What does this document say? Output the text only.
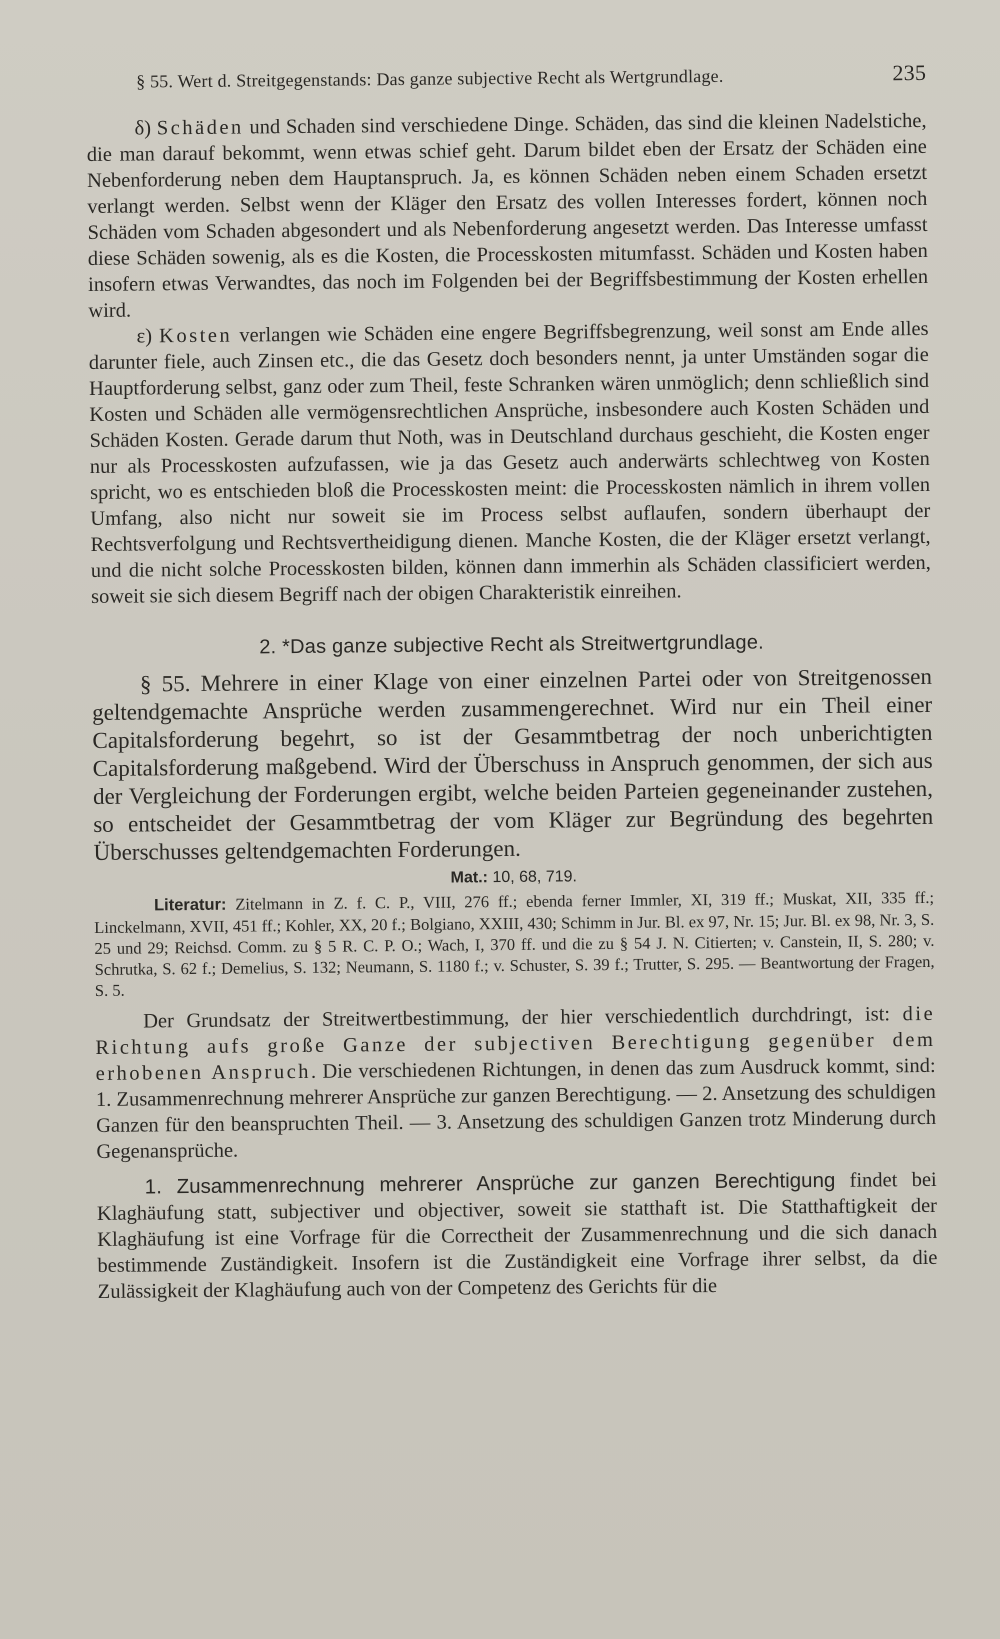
§ 55. Wert d. Streitgegenstands: Das ganze subjective Recht als Wertgrundlage.	235

δ) Schäden und Schaden sind verschiedene Dinge. Schäden, das sind die kleinen Nadelstiche, die man darauf bekommt, wenn etwas schief geht. Darum bildet eben der Ersatz der Schäden eine Nebenforderung neben dem Hauptanspruch. Ja, es können Schäden neben einem Schaden ersetzt verlangt werden. Selbst wenn der Kläger den Ersatz des vollen Interesses fordert, können noch Schäden vom Schaden abgesondert und als Nebenforderung angesetzt werden. Das Interesse umfasst diese Schäden sowenig, als es die Kosten, die Processkosten mitumfasst. Schäden und Kosten haben insofern etwas Verwandtes, das noch im Folgenden bei der Begriffsbestimmung der Kosten erhellen wird.

ε) Kosten verlangen wie Schäden eine engere Begriffsbegrenzung, weil sonst am Ende alles darunter fiele, auch Zinsen etc., die das Gesetz doch besonders nennt, ja unter Umständen sogar die Hauptforderung selbst, ganz oder zum Theil, feste Schranken wären unmöglich; denn schließlich sind Kosten und Schäden alle vermögensrechtlichen Ansprüche, insbesondere auch Kosten Schäden und Schäden Kosten. Gerade darum thut Noth, was in Deutschland durchaus geschieht, die Kosten enger nur als Processkosten aufzufassen, wie ja das Gesetz auch anderwärts schlechtweg von Kosten spricht, wo es entschieden bloß die Processkosten meint: die Processkosten nämlich in ihrem vollen Umfang, also nicht nur soweit sie im Process selbst auflaufen, sondern überhaupt der Rechtsverfolgung und Rechtsvertheidigung dienen. Manche Kosten, die der Kläger ersetzt verlangt, und die nicht solche Processkosten bilden, können dann immerhin als Schäden classificiert werden, soweit sie sich diesem Begriff nach der obigen Charakteristik einreihen.

2. *Das ganze subjective Recht als Streitwertgrundlage.

§ 55. Mehrere in einer Klage von einer einzelnen Partei oder von Streitgenossen geltendgemachte Ansprüche werden zusammengerechnet. Wird nur ein Theil einer Capitalsforderung begehrt, so ist der Gesammtbetrag der noch unberichtigten Capitalsforderung maßgebend. Wird der Überschuss in Anspruch genommen, der sich aus der Vergleichung der Forderungen ergibt, welche beiden Parteien gegeneinander zustehen, so entscheidet der Gesammtbetrag der vom Kläger zur Begründung des begehrten Überschusses geltendgemachten Forderungen.

Mat.: 10, 68, 719.

Literatur: Zitelmann in Z. f. C. P., VIII, 276 ff.; ebenda ferner Immler, XI, 319 ff.; Muskat, XII, 335 ff.; Linckelmann, XVII, 451 ff.; Kohler, XX, 20 f.; Bolgiano, XXIII, 430; Schimm in Jur. Bl. ex 97, Nr. 15; Jur. Bl. ex 98, Nr. 3, S. 25 und 29; Reichsd. Comm. zu § 5 R. C. P. O.; Wach, I, 370 ff. und die zu § 54 J. N. Citierten; v. Canstein, II, S. 280; v. Schrutka, S. 62 f.; Demelius, S. 132; Neumann, S. 1180 f.; v. Schuster, S. 39 f.; Trutter, S. 295. — Beantwortung der Fragen, S. 5.

Der Grundsatz der Streitwertbestimmung, der hier verschiedentlich durchdringt, ist: die Richtung aufs große Ganze der subjectiven Berechtigung gegenüber dem erhobenen Anspruch. Die verschiedenen Richtungen, in denen das zum Ausdruck kommt, sind: 1. Zusammenrechnung mehrerer Ansprüche zur ganzen Berechtigung. — 2. Ansetzung des schuldigen Ganzen für den beanspruchten Theil. — 3. Ansetzung des schuldigen Ganzen trotz Minderung durch Gegenansprüche.

1. Zusammenrechnung mehrerer Ansprüche zur ganzen Berechtigung findet bei Klaghäufung statt, subjectiver und objectiver, soweit sie statthaft ist. Die Statthaftigkeit der Klaghäufung ist eine Vorfrage für die Correctheit der Zusammenrechnung und die sich danach bestimmende Zuständigkeit. Insofern ist die Zuständigkeit eine Vorfrage ihrer selbst, da die Zulässigkeit der Klaghäufung auch von der Competenz des Gerichts für die
